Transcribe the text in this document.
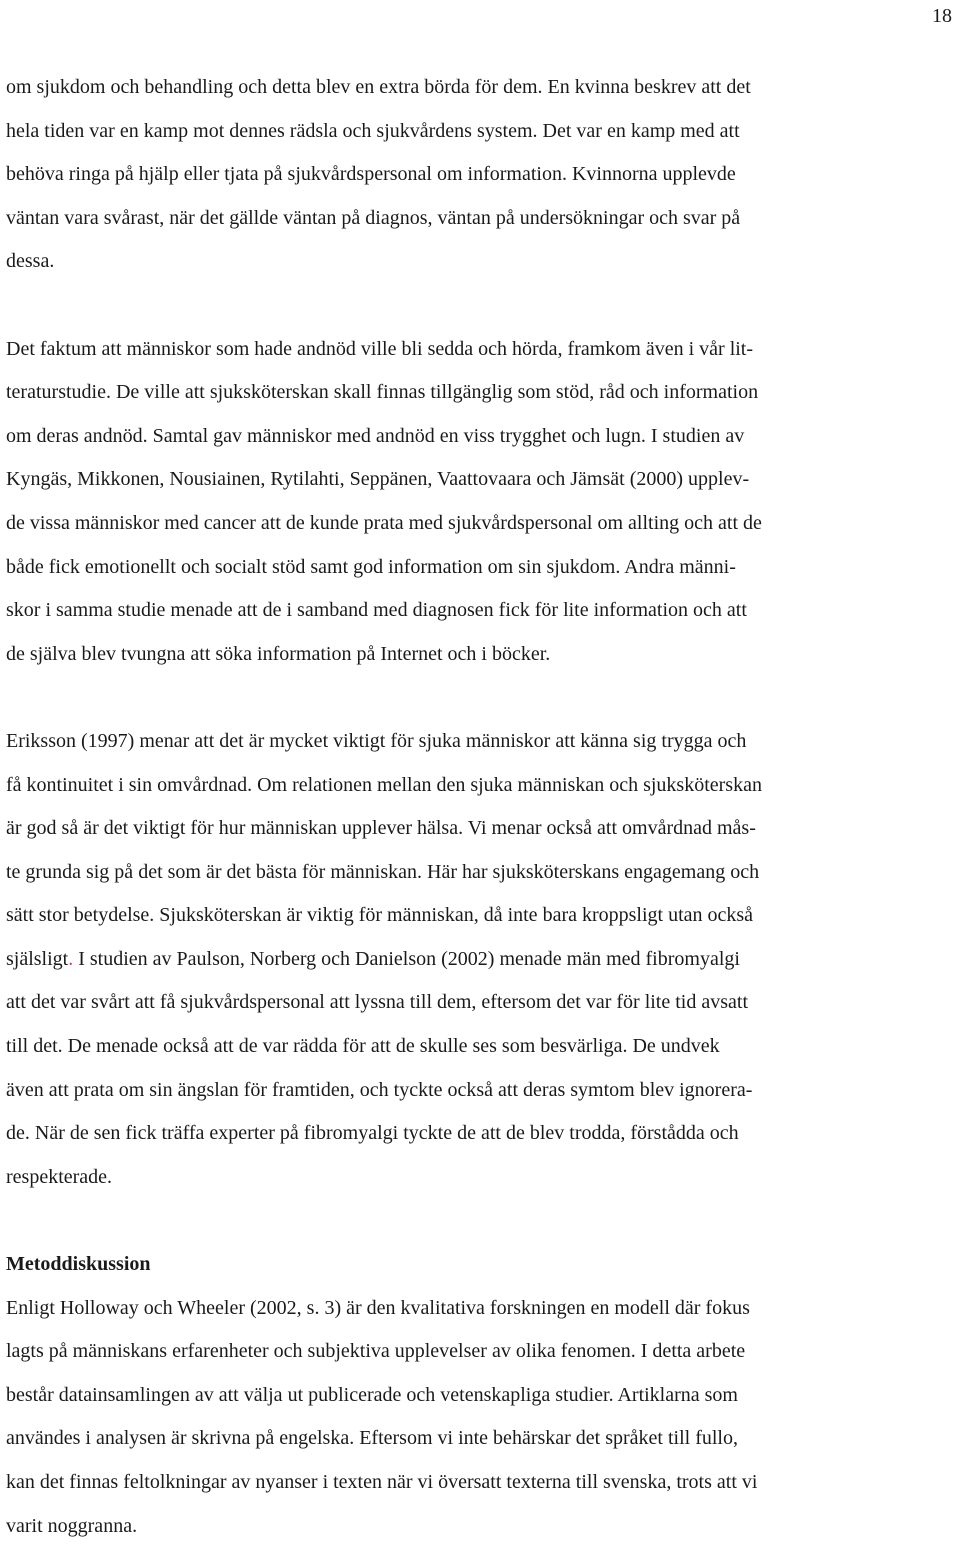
18

om sjukdom och behandling och detta blev en extra börda för dem. En kvinna beskrev att det
hela tiden var en kamp mot dennes rädsla och sjukvårdens system. Det var en kamp med att
behöva ringa på hjälp eller tjata på sjukvårdspersonal om information. Kvinnorna upplevde
väntan vara svårast, när det gällde väntan på diagnos, väntan på undersökningar och svar på
dessa.

Det faktum att människor som hade andnöd ville bli sedda och hörda, framkom även i vår lit-
teraturstudie. De ville att sjuksköterskan skall finnas tillgänglig som stöd, råd och information
om deras andnöd. Samtal gav människor med andnöd en viss trygghet och lugn. I studien av
Kyngäs, Mikkonen, Nousiainen, Rytilahti, Seppänen, Vaattovaara och Jämsät (2000) upplev-
de vissa människor med cancer att de kunde prata med sjukvårdspersonal om allting och att de
både fick emotionellt och socialt stöd samt god information om sin sjukdom. Andra männi-
skor i samma studie menade att de i samband med diagnosen fick för lite information och att
de själva blev tvungna att söka information på Internet och i böcker.

Eriksson (1997) menar att det är mycket viktigt för sjuka människor att känna sig trygga och
få kontinuitet i sin omvårdnad. Om relationen mellan den sjuka människan och sjuksköterskan
är god så är det viktigt för hur människan upplever hälsa. Vi menar också att omvårdnad mås-
te grunda sig på det som är det bästa för människan. Här har sjuksköterskans engagemang och
sätt stor betydelse. Sjuksköterskan är viktig för människan, då inte bara kroppsligt utan också
själsligt. I studien av Paulson, Norberg och Danielson (2002) menade män med fibromyalgi
att det var svårt att få sjukvårdspersonal att lyssna till dem, eftersom det var för lite tid avsatt
till det. De menade också att de var rädda för att de skulle ses som besvärliga. De undvek
även att prata om sin ängslan för framtiden, och tyckte också att deras symtom blev ignorera-
de. När de sen fick träffa experter på fibromyalgi tyckte de att de blev trodda, förstådda och
respekterade.

Metoddiskussion

Enligt Holloway och Wheeler (2002, s. 3) är den kvalitativa forskningen en modell där fokus
lagts på människans erfarenheter och subjektiva upplevelser av olika fenomen. I detta arbete
består datainsamlingen av att välja ut publicerade och vetenskapliga studier. Artiklarna som
användes i analysen är skrivna på engelska. Eftersom vi inte behärskar det språket till fullo,
kan det finnas feltolkningar av nyanser i texten när vi översatt texterna till svenska, trots att vi
varit noggranna.
